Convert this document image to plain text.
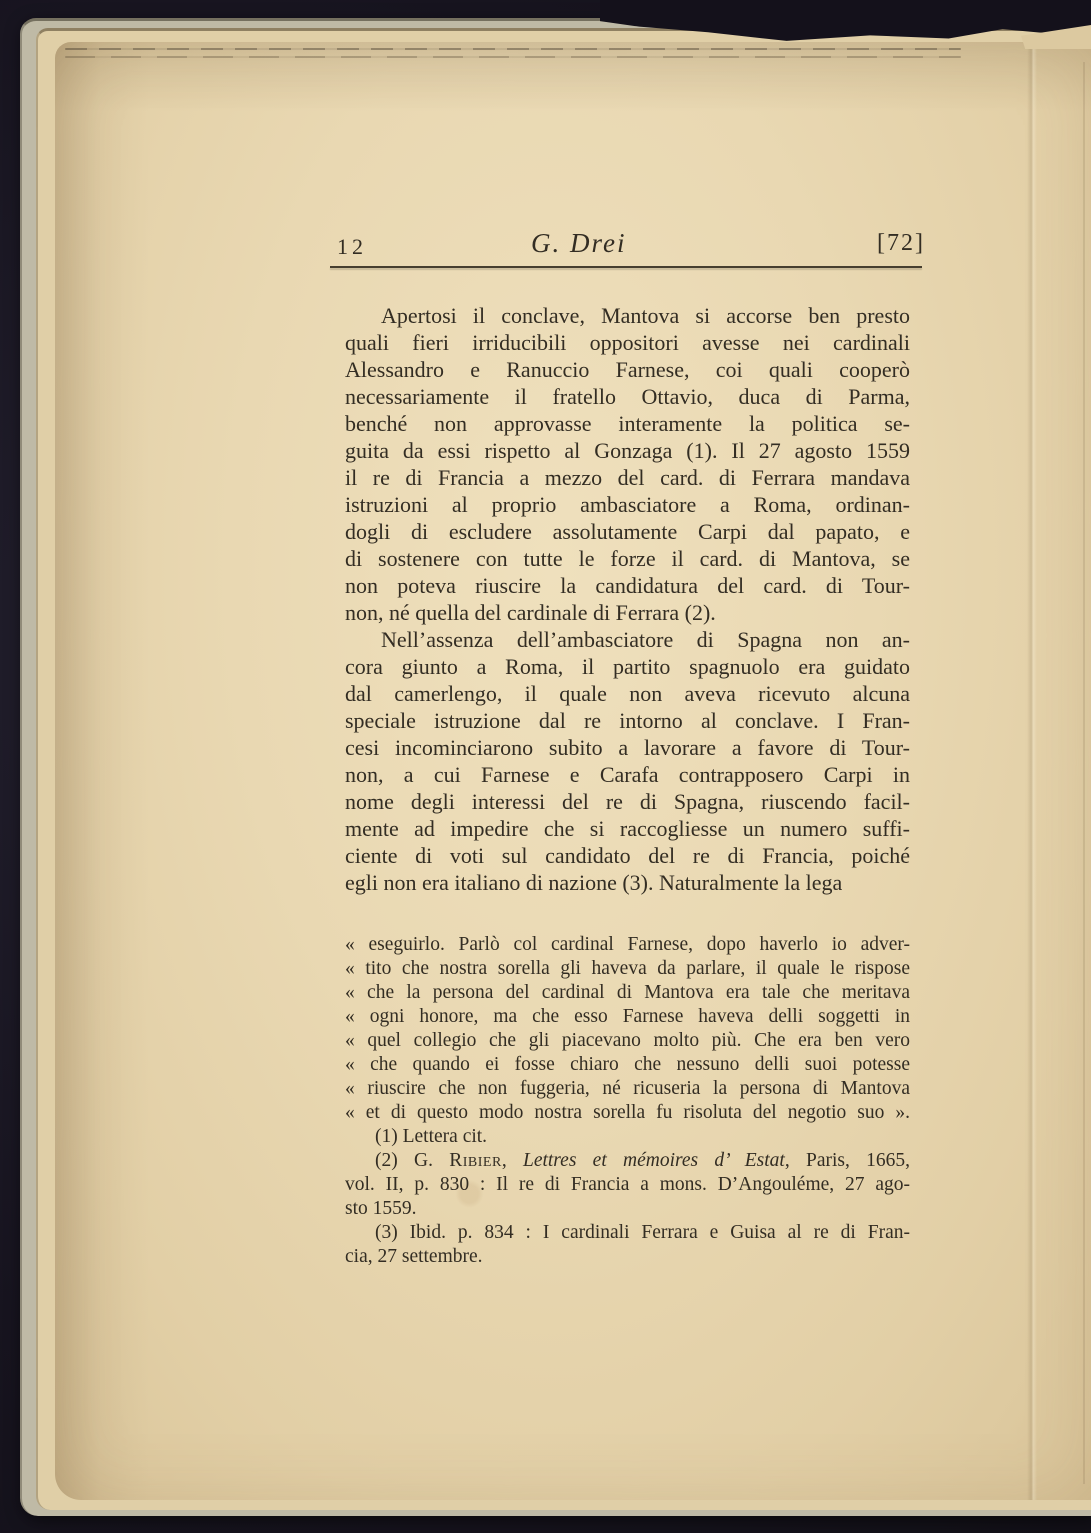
12	G. Drei	[72]
Apertosi il conclave, Mantova si accorse ben presto
quali fieri irriducibili oppositori avesse nei cardinali
Alessandro e Ranuccio Farnese, coi quali cooperò
necessariamente il fratello Ottavio, duca di Parma,
benché non approvasse interamente la politica se-
guita da essi rispetto al Gonzaga (1). Il 27 agosto 1559
il re di Francia a mezzo del card. di Ferrara mandava
istruzioni al proprio ambasciatore a Roma, ordinan-
dogli di escludere assolutamente Carpi dal papato, e
di sostenere con tutte le forze il card. di Mantova, se
non poteva riuscire la candidatura del card. di Tour-
non, né quella del cardinale di Ferrara (2).
Nell’assenza dell’ambasciatore di Spagna non an-
cora giunto a Roma, il partito spagnuolo era guidato
dal camerlengo, il quale non aveva ricevuto alcuna
speciale istruzione dal re intorno al conclave. I Fran-
cesi incominciarono subito a lavorare a favore di Tour-
non, a cui Farnese e Carafa contrapposero Carpi in
nome degli interessi del re di Spagna, riuscendo facil-
mente ad impedire che si raccogliesse un numero suffi-
ciente di voti sul candidato del re di Francia, poiché
egli non era italiano di nazione (3). Naturalmente la lega
« eseguirlo. Parlò col cardinal Farnese, dopo haverlo io adver-
« tito che nostra sorella gli haveva da parlare, il quale le rispose
« che la persona del cardinal di Mantova era tale che meritava
« ogni honore, ma che esso Farnese haveva delli soggetti in
« quel collegio che gli piacevano molto più. Che era ben vero
« che quando ei fosse chiaro che nessuno delli suoi potesse
« riuscire che non fuggeria, né ricuseria la persona di Mantova
« et di questo modo nostra sorella fu risoluta del negotio suo ».
(1) Lettera cit.
(2) G. Ribier, Lettres et mémoires d’ Estat, Paris, 1665,
vol. II, p. 830 : Il re di Francia a mons. D’Angouléme, 27 ago-
sto 1559.
(3) Ibid. p. 834 : I cardinali Ferrara e Guisa al re di Fran-
cia, 27 settembre.
